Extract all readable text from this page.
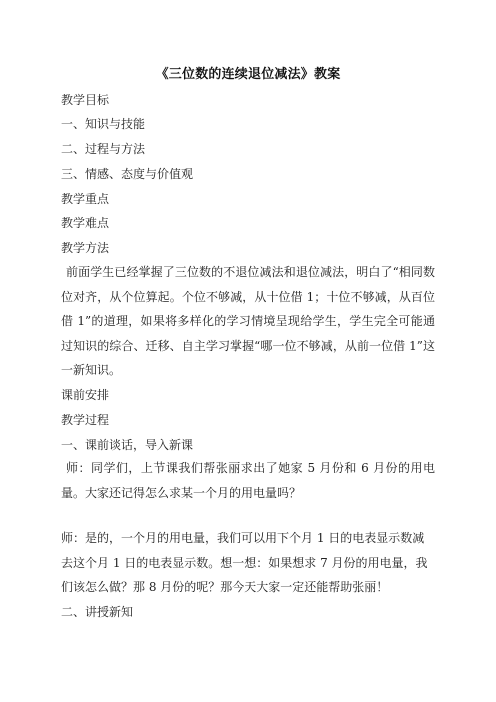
《三位数的连续退位减法》教案
教学目标
一、知识与技能
二、过程与方法
三、情感、态度与价值观
教学重点
教学难点
教学方法
前面学生已经掌握了三位数的不退位减法和退位减法，明白了“相同数位对齐，从个位算起。个位不够减，从十位借 1；十位不够减，从百位借 1”的道理，如果将多样化的学习情境呈现给学生，学生完全可能通过知识的综合、迁移、自主学习掌握“哪一位不够减，从前一位借 1”这一新知识。
课前安排
教学过程
一、课前谈话，导入新课
师：同学们，上节课我们帮张丽求出了她家 5 月份和 6 月份的用电量。大家还记得怎么求某一个月的用电量吗？
师：是的，一个月的用电量，我们可以用下个月 1 日的电表显示数减
去这个月 1 日的电表显示数。想一想：如果想求 7 月份的用电量，我
们该怎么做？那 8 月份的呢？那今天大家一定还能帮助张丽！
二、讲授新知
